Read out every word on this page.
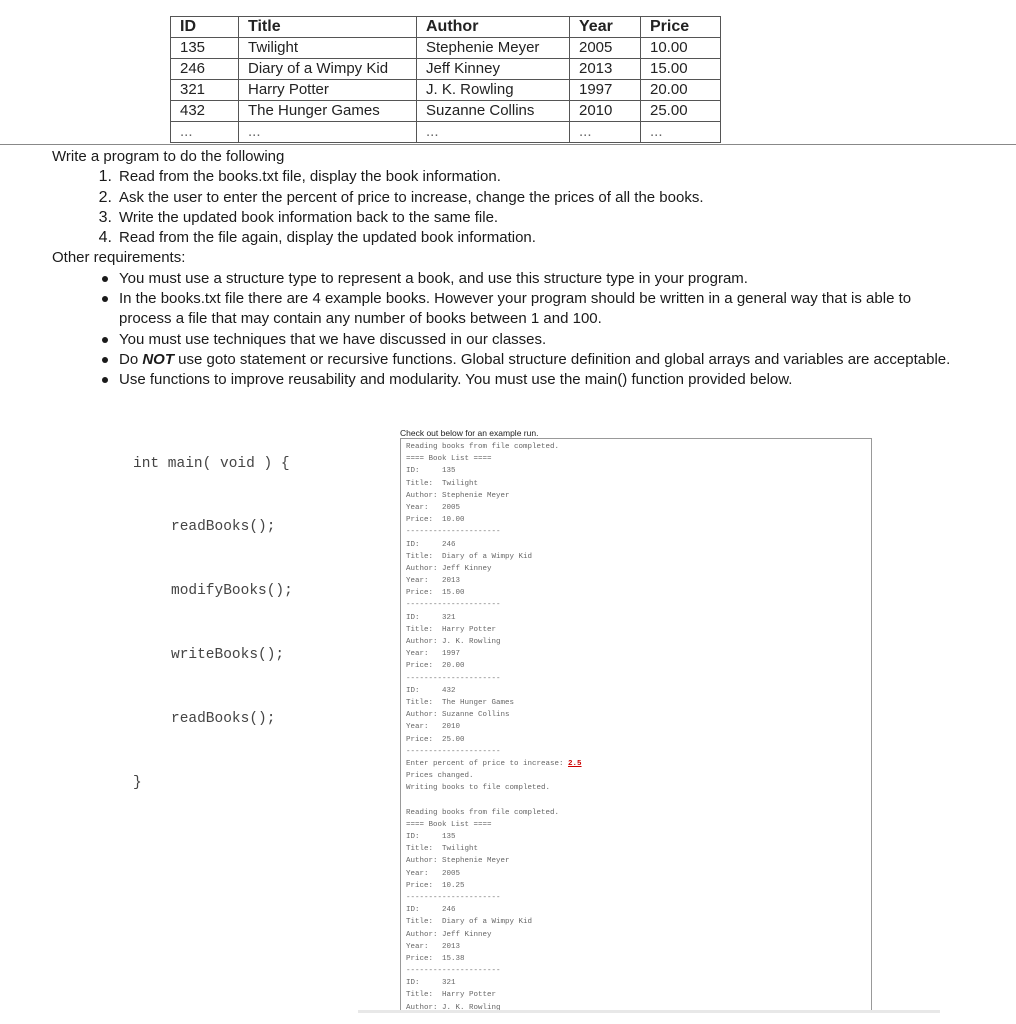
ID	Title	Author	Year	Price
135	Twilight	Stephenie Meyer	2005	10.00
246	Diary of a Wimpy Kid	Jeff Kinney	2013	15.00
321	Harry Potter	J. K. Rowling	1997	20.00
432	The Hunger Games	Suzanne Collins	2010	25.00
...	...	...	...	...

Write a program to do the following

1. Read from the books.txt file, display the book information.
2. Ask the user to enter the percent of price to increase, change the prices of all the books.
3. Write the updated book information back to the same file.
4. Read from the file again, display the updated book information.

Other requirements:

You must use a structure type to represent a book, and use this structure type in your program.
In the books.txt file there are 4 example books. However your program should be written in a general way that is able to process a file that may contain any number of books between 1 and 100.
You must use techniques that we have discussed in our classes.
Do NOT use goto statement or recursive functions. Global structure definition and global arrays and variables are acceptable.
Use functions to improve reusability and modularity. You must use the main() function provided below.

int main( void ) {

readBooks();

modifyBooks();

writeBooks();

readBooks();

}

Check out below for an example run.
Reading books from file completed.
==== Book List ====
ID:     135
Title:  Twilight
Author: Stephenie Meyer
Year:   2005
Price:  10.00
---------------------
ID:     246
Title:  Diary of a Wimpy Kid
Author: Jeff Kinney
Year:   2013
Price:  15.00
---------------------
ID:     321
Title:  Harry Potter
Author: J. K. Rowling
Year:   1997
Price:  20.00
---------------------
ID:     432
Title:  The Hunger Games
Author: Suzanne Collins
Year:   2010
Price:  25.00
---------------------
Enter percent of price to increase: 2.5
Prices changed.
Writing books to file completed.
Reading books from file completed.
==== Book List ====
ID:     135
Title:  Twilight
Author: Stephenie Meyer
Year:   2005
Price:  10.25
---------------------
ID:     246
Title:  Diary of a Wimpy Kid
Author: Jeff Kinney
Year:   2013
Price:  15.38
---------------------
ID:     321
Title:  Harry Potter
Author: J. K. Rowling
